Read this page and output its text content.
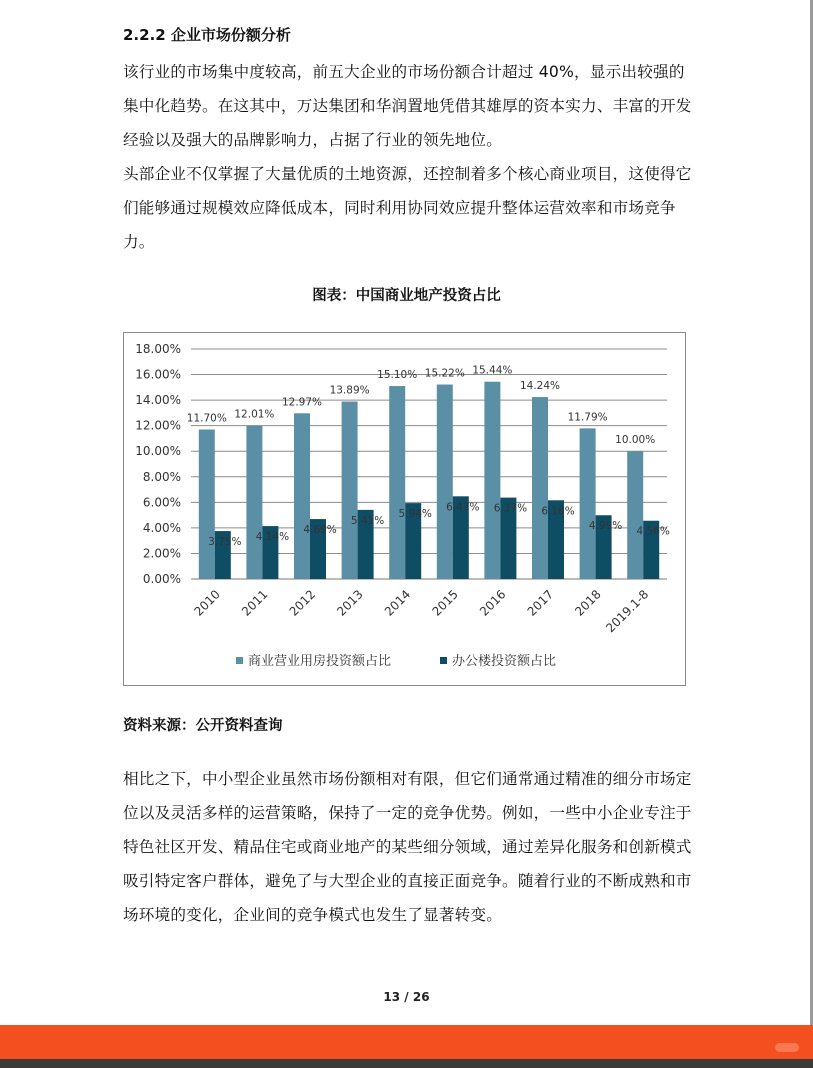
2.2.2 企业市场份额分析

该行业的市场集中度较高，前五大企业的市场份额合计超过 40%，显示出较强的集中化趋势。在这其中，万达集团和华润置地凭借其雄厚的资本实力、丰富的开发经验以及强大的品牌影响力，占据了行业的领先地位。

头部企业不仅掌握了大量优质的土地资源，还控制着多个核心商业项目，这使得它们能够通过规模效应降低成本，同时利用协同效应提升整体运营效率和市场竞争力。

图表：中国商业地产投资占比
0.00%
2.00%
4.00%
6.00%
8.00%
10.00%
12.00%
14.00%
16.00%
18.00%
11.70%
3.75%
2010
12.01%
4.14%
2011
12.97%
4.69%
2012
13.89%
5.41%
2013
15.10%
5.94%
2014
15.22%
6.47%
2015
15.44%
6.37%
2016
14.24%
6.16%
2017
11.79%
4.99%
2018
10.00%
4.56%
2019.1-8
商业营业用房投资额占比	办公楼投资额占比
资料来源：公开资料查询

相比之下，中小型企业虽然市场份额相对有限，但它们通常通过精准的细分市场定位以及灵活多样的运营策略，保持了一定的竞争优势。例如，一些中小企业专注于特色社区开发、精品住宅或商业地产的某些细分领域，通过差异化服务和创新模式吸引特定客户群体，避免了与大型企业的直接正面竞争。随着行业的不断成熟和市场环境的变化，企业间的竞争模式也发生了显著转变。

13 / 26
